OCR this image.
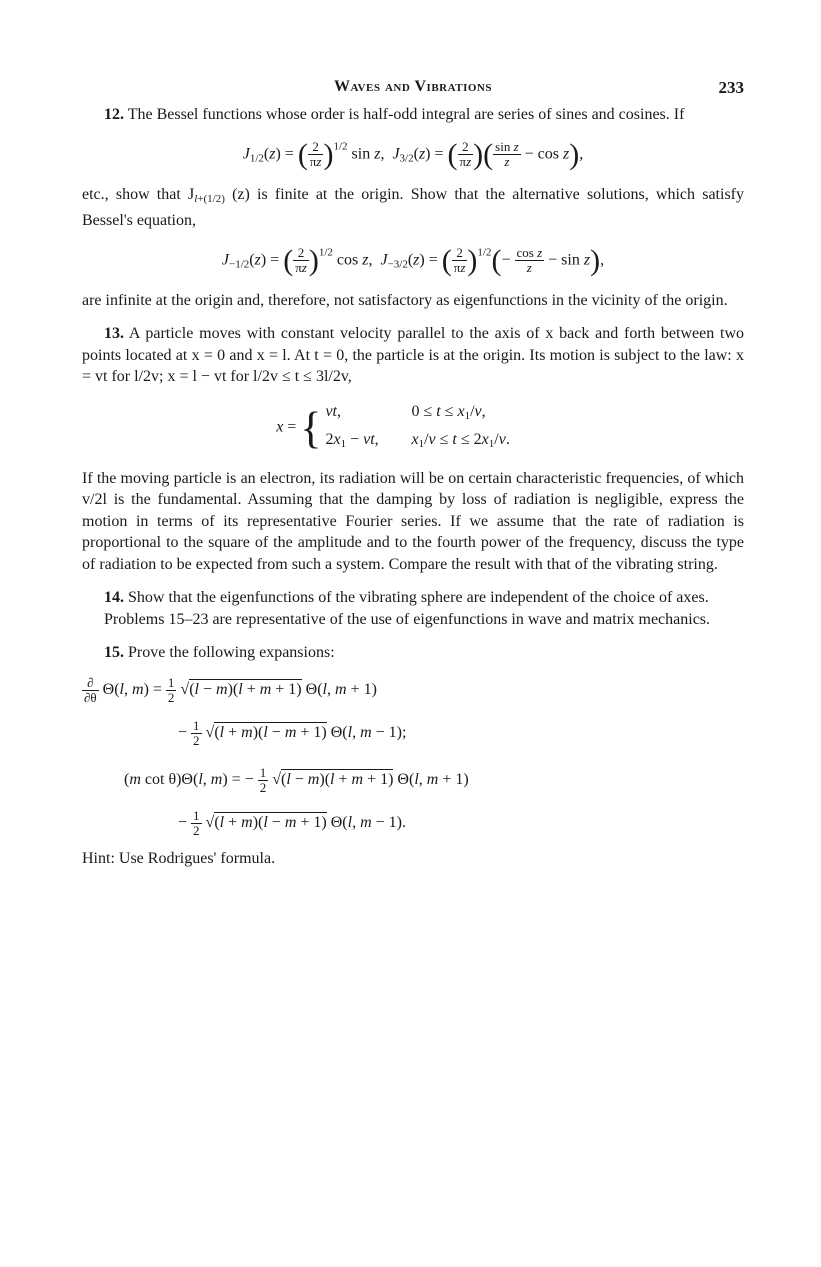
Waves and Vibrations	233

12. The Bessel functions whose order is half-odd integral are series of sines and cosines. If

$J_{1/2}(z)$ = ( $\frac{2}{\pi z} )^{1/2}$ sin z,  $J_{3/2}(z)$ = ( $\frac{2}{\pi z}$ )( $\frac{\text{sin z}}{z} - \cos z$),

etc., show that $J_{l+(1/2)}$ (z) is finite at the origin. Show that the alternative solutions, which satisfy Bessel's equation,

$J_{-1/2}(z)$ = ( $\frac{2}{\pi z} )^{1/2}$ cos z,  $J_{-3/2}(z)$ = ( $\frac{2}{\pi z} )^{1/2}(- \frac{\text{cos z}}{z} - \sin z)$,

are infinite at the origin and, therefore, not satisfactory as eigenfunctions in the vicinity of the origin.

13. A particle moves with constant velocity parallel to the axis of x back and forth between two points located at x = 0 and x = l. At t = 0, the particle is at the origin. Its motion is subject to the law: x = vt for l/2v; x = l − vt for l/2v ≤ t ≤ 3l/2v,

x = { vt,	$0 \le t \le x_1/v$,
$2x_1$ − vt, $x_1/v \le t \le 2x_1/v$.

If the moving particle is an electron, its radiation will be on certain characteristic frequencies, of which v/2l is the fundamental. Assuming that the damping by loss of radiation is negligible, express the motion in terms of its representative Fourier series. If we assume that the rate of radiation is proportional to the square of the amplitude and to the fourth power of the frequency, discuss the type of radiation to be expected from such a system. Compare the result with that of the vibrating string.

14. Show that the eigenfunctions of the vibrating sphere are independent of the choice of axes.

Problems 15–23 are representative of the use of eigenfunctions in wave and matrix mechanics.

15. Prove the following expansions:

$\frac{\partial}{\partial\theta} \Theta(l$, $m) = \frac{1}{2} √(l - m)(l + m + 1)$ Θ(l, m + 1)
− $\frac{1}{2} √(l + m)(l - m + 1)$ Θ(l, m − 1);
(m cot θ)Θ(l, m) = − $\frac{1}{2} √(l - m)(l + m + 1)$ Θ(l, m + 1)
− $\frac{1}{2} √(l + m)(l - m + 1)$ Θ(l, m − 1).

Hint: Use Rodrigues' formula.
